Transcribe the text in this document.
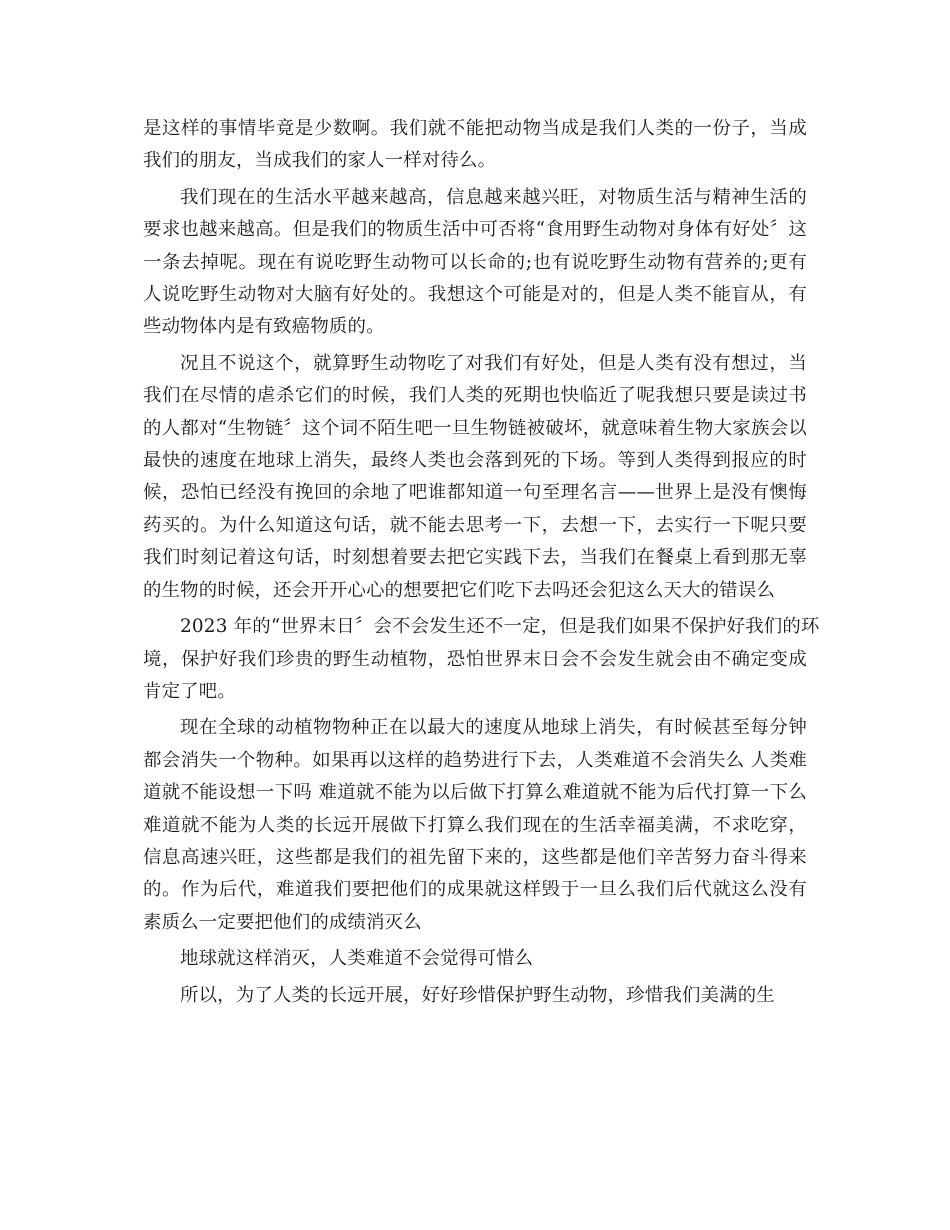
是这样的事情毕竟是少数啊。我们就不能把动物当成是我们人类的一份子，当成
我们的朋友，当成我们的家人一样对待么。
我们现在的生活水平越来越高，信息越来越兴旺，对物质生活与精神生活的
要求也越来越高。但是我们的物质生活中可否将“食用野生动物对身体有好处〞这
一条去掉呢。现在有说吃野生动物可以长命的;也有说吃野生动物有营养的;更有
人说吃野生动物对大脑有好处的。我想这个可能是对的，但是人类不能盲从，有
些动物体内是有致癌物质的。
况且不说这个，就算野生动物吃了对我们有好处，但是人类有没有想过，当
我们在尽情的虐杀它们的时候，我们人类的死期也快临近了呢我想只要是读过书
的人都对“生物链〞这个词不陌生吧一旦生物链被破坏，就意味着生物大家族会以
最快的速度在地球上消失，最终人类也会落到死的下场。等到人类得到报应的时
候，恐怕已经没有挽回的余地了吧谁都知道一句至理名言——世界上是没有懊悔
药买的。为什么知道这句话，就不能去思考一下，去想一下，去实行一下呢只要
我们时刻记着这句话，时刻想着要去把它实践下去，当我们在餐桌上看到那无辜
的生物的时候，还会开开心心的想要把它们吃下去吗还会犯这么天大的错误么
2023 年的“世界末日〞会不会发生还不一定，但是我们如果不保护好我们的环
境，保护好我们珍贵的野生动植物，恐怕世界末日会不会发生就会由不确定变成
肯定了吧。
现在全球的动植物物种正在以最大的速度从地球上消失，有时候甚至每分钟
都会消失一个物种。如果再以这样的趋势进行下去，人类难道不会消失么 人类难
道就不能设想一下吗 难道就不能为以后做下打算么难道就不能为后代打算一下么
难道就不能为人类的长远开展做下打算么我们现在的生活幸福美满，不求吃穿，
信息高速兴旺，这些都是我们的祖先留下来的，这些都是他们辛苦努力奋斗得来
的。作为后代，难道我们要把他们的成果就这样毁于一旦么我们后代就这么没有
素质么一定要把他们的成绩消灭么
地球就这样消灭，人类难道不会觉得可惜么
所以，为了人类的长远开展，好好珍惜保护野生动物，珍惜我们美满的生
